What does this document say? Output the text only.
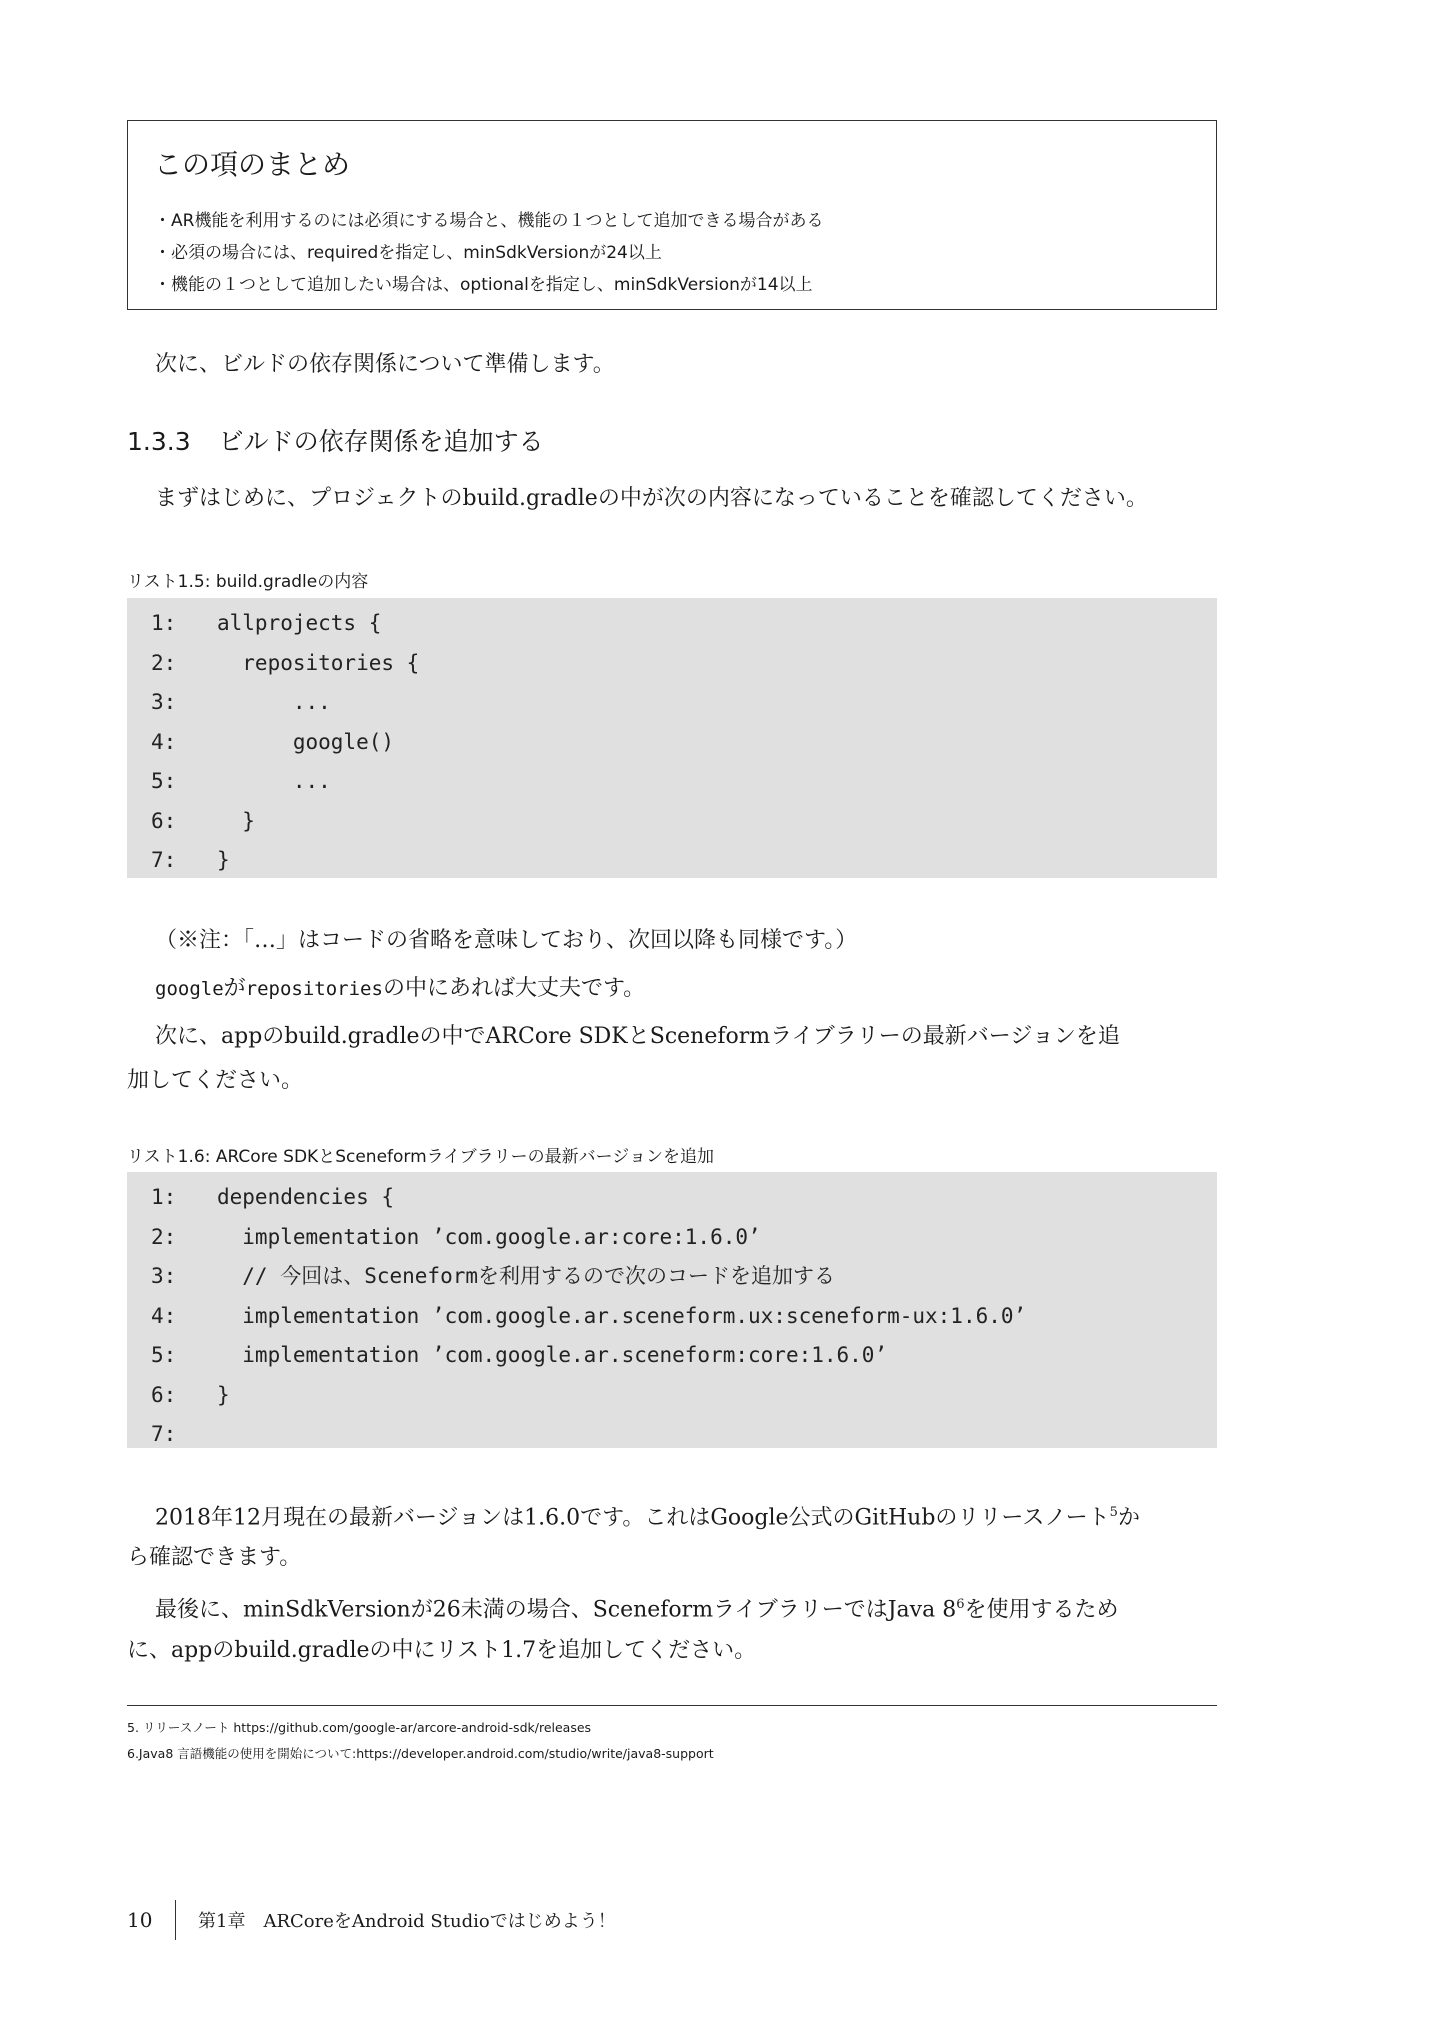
この項のまとめ
・AR機能を利用するのには必須にする場合と、機能の１つとして追加できる場合がある
・必須の場合には、requiredを指定し、minSdkVersionが24以上
・機能の１つとして追加したい場合は、optionalを指定し、minSdkVersionが14以上
次に、ビルドの依存関係について準備します。
1.3.3 ビルドの依存関係を追加する
まずはじめに、プロジェクトのbuild.gradleの中が次の内容になっていることを確認してください。
リスト1.5: build.gradleの内容
1: allprojects {
2: repositories {
3: ...
4: google()
5: ...
6: }
7: }
（※注：「…」はコードの省略を意味しており、次回以降も同様です。）
googleがrepositoriesの中にあれば大丈夫です。
次に、appのbuild.gradleの中でARCore SDKとSceneformライブラリーの最新バージョンを追
加してください。
リスト1.6: ARCore SDKとSceneformライブラリーの最新バージョンを追加
1: dependencies {
2: implementation ’com.google.ar:core:1.6.0’
3: // 今回は、Sceneformを利用するので次のコードを追加する
4: implementation ’com.google.ar.sceneform.ux:sceneform-ux:1.6.0’
5: implementation ’com.google.ar.sceneform:core:1.6.0’
6: }
7:
2018年12月現在の最新バージョンは1.6.0です。これはGoogle公式のGitHubのリリースノート$^5$か
ら確認できます。
最後に、minSdkVersionが26未満の場合、SceneformライブラリーではJava $8^6$を使用するため
に、appのbuild.gradleの中にリスト1.7を追加してください。
5. リリースノート https://github.com/google-ar/arcore-android-sdk/releases
6.Java8 言語機能の使用を開始について:https://developer.android.com/studio/write/java8-support
10	第1章　ARCoreをAndroid Studioではじめよう！
